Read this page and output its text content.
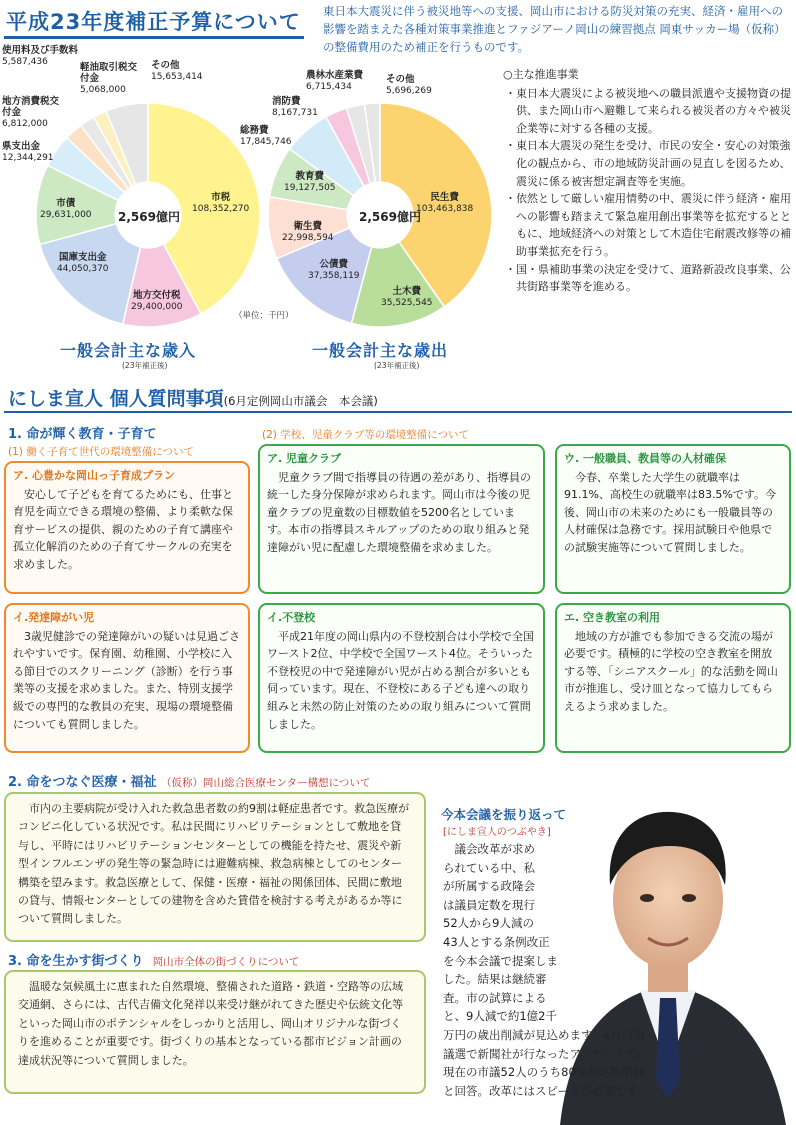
平成23年度補正予算について 東日本大震災に伴う被災地等への支援、岡山市における防災対策の充実、経済・雇用への影響を踏まえた各種対策事業推進とファジアーノ岡山の練習拠点 岡東サッカー場（仮称）の整備費用のため補正を行うものです。
2,569億円
市税
108,352,270
地方交付税
29,400,000
国庫支出金
44,050,370
市債
29,631,000
県支出金
12,344,291
地方消費税交付金
6,812,000
使用料及び手数料
5,587,436	軽油取引税交付金
5,068,000
その他
15,653,414
一般会計主な歳入
(23年補正後)
（単位：千円）
2,569億円
民生費
103,463,838
土木費
35,525,545
公債費
37,358,119
衛生費
22,998,594
教育費
19,127,505
総務費
17,845,746
消防費
8,167,731
農林水産業費
6,715,434
その他
5,696,269
一般会計主な歳出
(23年補正後)
○主な推進事業
・ 東日本大震災による被災地への職員派遣や支援物資の提供、また岡山市へ避難して来られる被災者の方々や被災企業等に対する各種の支援。
・ 東日本大震災の発生を受け、市民の安全・安心の対策強化の観点から、市の地域防災計画の見直しを図るため、震災に係る被害想定調査等を実施。
・ 依然として厳しい雇用情勢の中、震災に伴う経済・雇用への影響も踏まえて緊急雇用創出事業等を拡充するとともに、地域経済への対策として木造住宅耐震改修等の補助事業拡充を行う。
・ 国・県補助事業の決定を受けて、道路新設改良事業、公共街路事業等を進める。
にしま宣人 個人質問事項(6月定例岡山市議会　本会議)
1. 命が輝く教育・子育て
(1) 働く子育て世代の環境整備について
(2) 学校、児童クラブ等の環境整備について
ア. 心豊かな岡山っ子育成プラン

安心して子どもを育てるためにも、仕事と育児を両立できる環境の整備、より柔軟な保育サービスの提供、親のための子育て講座や孤立化解消のための子育てサークルの充実を求めました。

イ.発達障がい児

3歳児健診での発達障がいの疑いは見過ごされやすいです。保育園、幼稚園、小学校に入る節目でのスクリーニング（診断）を行う事業等の支援を求めました。また、特別支援学級での専門的な教員の充実、現場の環境整備についても質問しました。

ア. 児童クラブ

児童クラブ間で指導員の待遇の差があり、指導員の統一した身分保障が求められます。岡山市は今後の児童クラブの児童数の目標数値を5200名としています。本市の指導員スキルアップのための取り組みと発達障がい児に配慮した環境整備を求めました。

イ.不登校

平成21年度の岡山県内の不登校割合は小学校で全国ワースト2位、中学校で全国ワースト4位。そういった不登校児の中で発達障がい児が占める割合が多いとも伺っています。現在、不登校にある子ども達への取り組みと未然の防止対策のための取り組みについて質問しました。

ウ. 一般職員、教員等の人材確保

今春、卒業した大学生の就職率は91.1%、高校生の就職率は83.5%です。今後、岡山市の未来のためにも一般職員等の人材確保は急務です。採用試験日や他県での試験実施等について質問しました。

エ. 空き教室の利用

地域の方が誰でも参加できる交流の場が必要です。積極的に学校の空き教室を開放する等、「シニアスクール」的な活動を岡山市が推進し、受け皿となって協力してもらえるよう求めました。

2. 命をつなぐ医療・福祉 （仮称）岡山総合医療センター構想について

市内の主要病院が受け入れた救急患者数の約9割は軽症患者です。救急医療がコンビニ化している状況です。私は民間にリハビリテーションとして敷地を貸与し、平時にはリハビリテーションセンターとしての機能を持たせ、震災や新型インフルエンザの発生等の緊急時には避難病棟、救急病棟としてのセンター構築を望みます。救急医療として、保健・医療・福祉の関係団体、民間に敷地の貸与、情報センターとしての建物を含めた賃借を検討する考えがあるか等について質問しました。

3. 命を生かす街づくり 岡山市全体の街づくりについて

温暖な気候風土に恵まれた自然環境、整備された道路・鉄道・空路等の広域交通網、さらには、古代吉備文化発祥以来受け継がれてきた歴史や伝統文化等といった岡山市のポテンシャルをしっかりと活用し、岡山オリジナルな街づくりを進めることが重要です。街づくりの基本となっている都市ビジョン計画の達成状況等について質問しました。

今本会議を振り返って
[にしま宣人のつぶやき]

議会改革が求められている中、私が所属する政隆会は議員定数を現行52人から9人減の43人とする条例改正を今本会議で提案しました。結果は継続審査。市の試算によると、9人減で約1億2千万円の歳出削減が見込めます。4月の市議選で新聞社が行なったアンケートで、現在の市議52人のうち80%が定数削減と回答。改革にはスピードが必要です。
